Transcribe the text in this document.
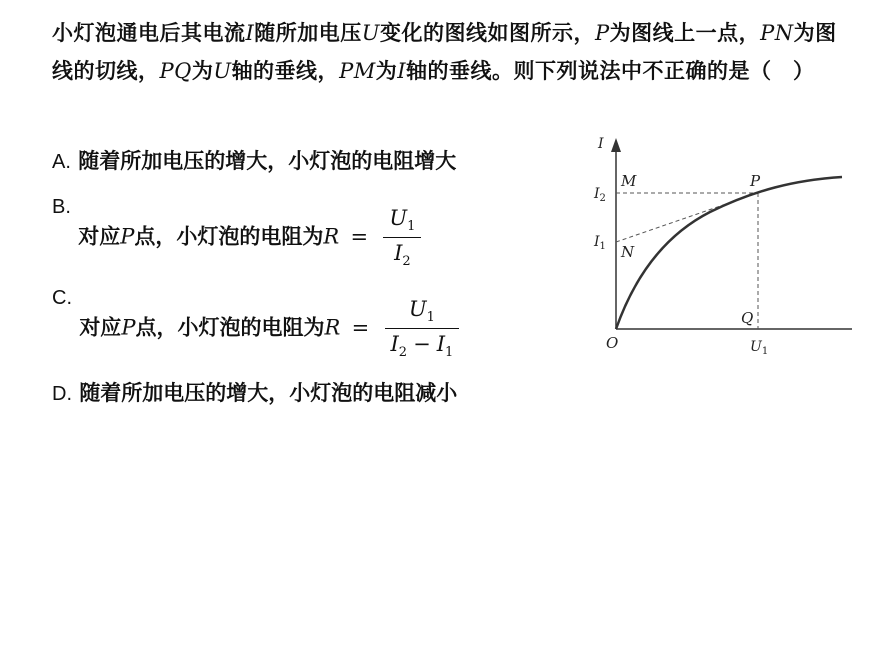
小灯泡通电后其电流I随所加电压U变化的图线如图所示，P为图线上一点，PN为图线的切线，PQ为U轴的垂线，PM为I轴的垂线。则下列说法中不正确的是（　）
A. 随着所加电压的增大，小灯泡的电阻增大
B. 对应P点，小灯泡的电阻为$R = \frac{U_1}{I_2}$
C. 对应P点，小灯泡的电阻为$R = \frac{U_1}{I_2 - I_1}$
D. 随着所加电压的增大，小灯泡的电阻减小
I
$I_2$
M	P
$I_1$ N
Q
O	$U_1$
